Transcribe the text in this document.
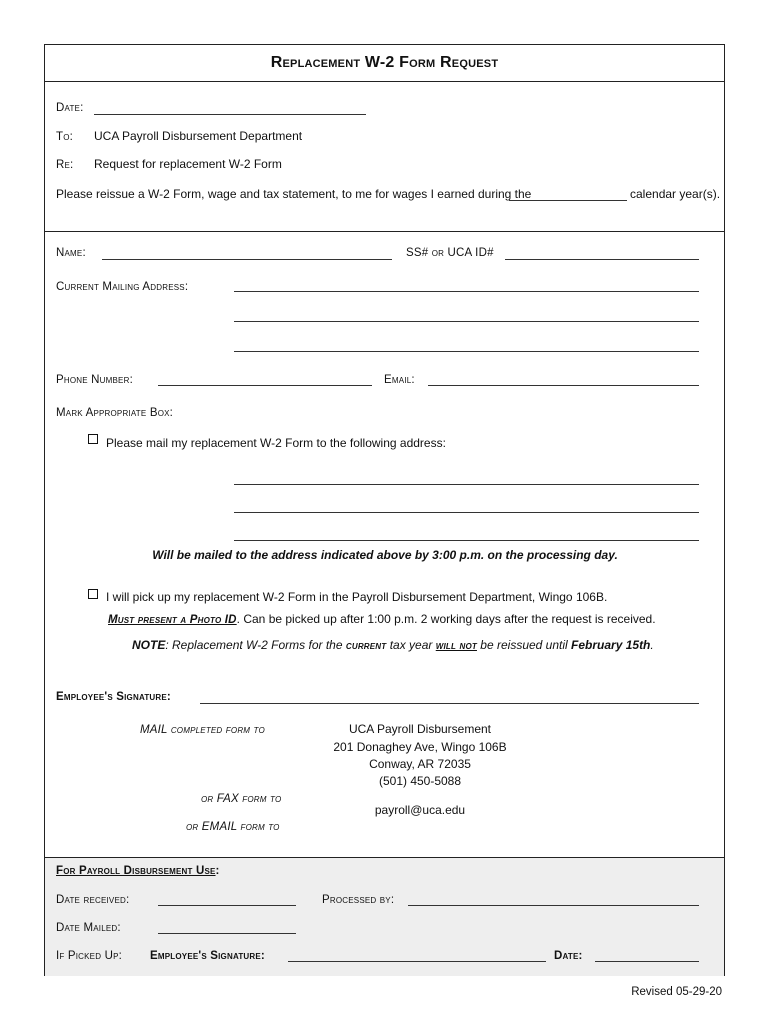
Replacement W-2 Form Request
Date:
To: UCA Payroll Disbursement Department
Re: Request for replacement W-2 Form
Please reissue a W-2 Form, wage and tax statement, to me for wages I earned during the	calendar year(s).
Name:	SS# or UCA ID#
Current Mailing Address:
Phone Number:	Email:
Mark Appropriate Box:
Please mail my replacement W-2 Form to the following address:
Will be mailed to the address indicated above by 3:00 p.m. on the processing day.
I will pick up my replacement W-2 Form in the Payroll Disbursement Department, Wingo 106B.
Must present a Photo ID. Can be picked up after 1:00 p.m. 2 working days after the request is received.
NOTE: Replacement W-2 Forms for the current tax year will not be reissued until February 15th.
Employee's Signature:
MAIL completed form to	UCA Payroll Disbursement
201 Donaghey Ave, Wingo 106B
Conway, AR 72035
(501) 450-5088
or FAX form to
payroll@uca.edu
or EMAIL form to
For Payroll Disbursement Use:
Date received:	Processed by:
Date Mailed:
If Picked Up: Employee's Signature:	Date:
Revised 05-29-20
